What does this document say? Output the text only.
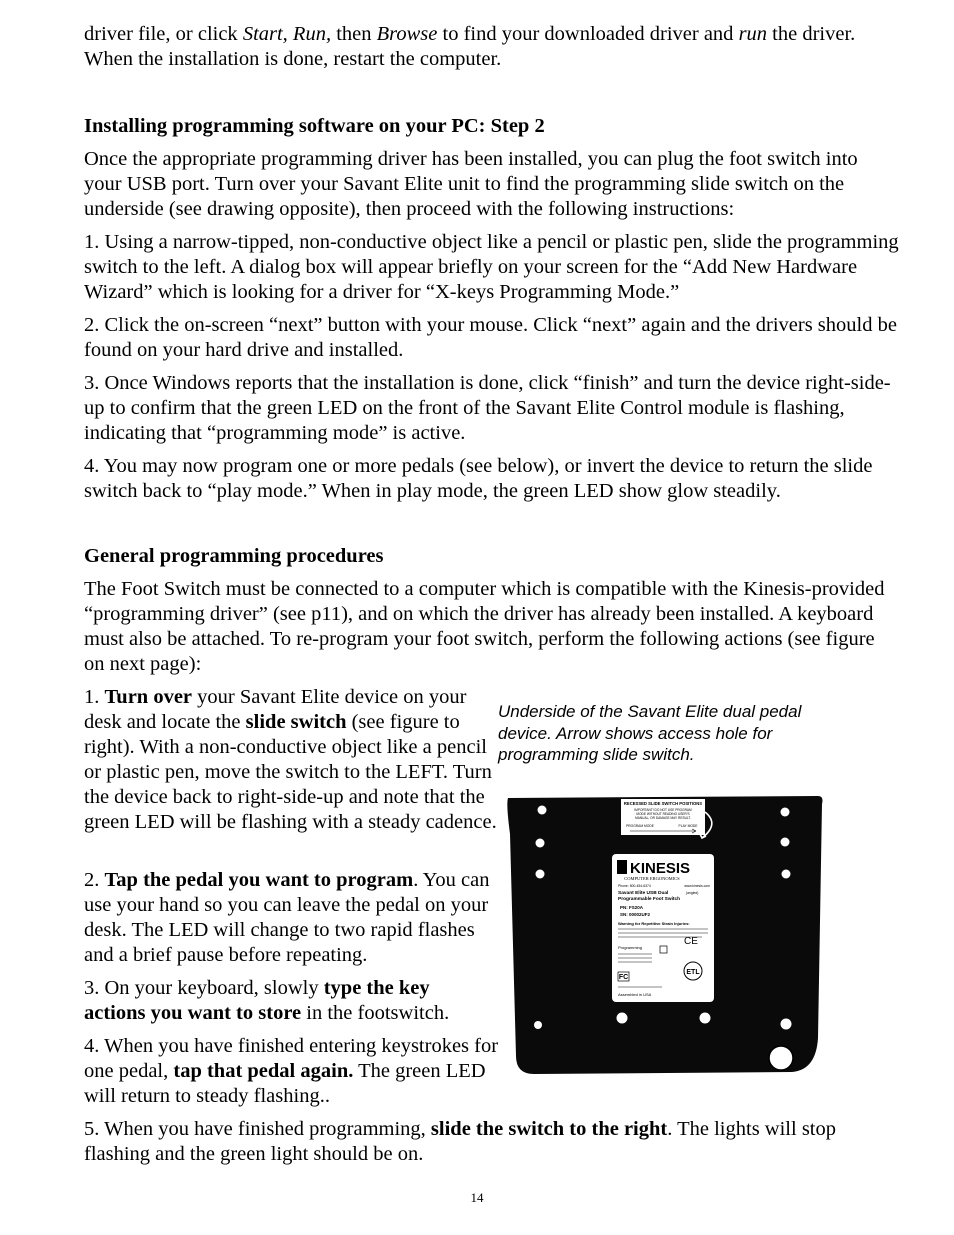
driver file, or click Start, Run, then Browse to find your downloaded driver and run the driver. When the installation is done, restart the computer.

Installing programming software on your PC: Step 2

Once the appropriate programming driver has been installed, you can plug the foot switch into your USB port. Turn over your Savant Elite unit to find the programming slide switch on the underside (see drawing opposite), then proceed with the following instructions:

1. Using a narrow-tipped, non-conductive object like a pencil or plastic pen, slide the programming switch to the left. A dialog box will appear briefly on your screen for the “Add New Hardware Wizard” which is looking for a driver for “X-keys Programming Mode.”

2. Click the on-screen “next” button with your mouse. Click “next” again and the drivers should be found on your hard drive and installed.

3. Once Windows reports that the installation is done, click “finish” and turn the device right-side-up to confirm that the green LED on the front of the Savant Elite Control module is flashing, indicating that “programming mode” is active.

4. You may now program one or more pedals (see below), or invert the device to return the slide switch back to “play mode.” When in play mode, the green LED show glow steadily.

General programming procedures

The Foot Switch must be connected to a computer which is compatible with the Kinesis-provided “programming driver” (see p11), and on which the driver has already been installed. A keyboard must also be attached. To re-program your foot switch, perform the following actions (see figure on next page):

1. Turn over your Savant Elite device on your desk and locate the slide switch (see figure to right). With a non-conductive object like a pencil or plastic pen, move the switch to the LEFT. Turn the device back to right-side-up and note that the green LED will be flashing with a steady cadence.

2. Tap the pedal you want to program. You can use your hand so you can leave the pedal on your desk. The LED will change to two rapid flashes and a brief pause before repeating.

3. On your keyboard, slowly type the key actions you want to store in the footswitch.

4. When you have finished entering keystrokes for one pedal, tap that pedal again. The green LED will return to steady flashing..

5. When you have finished programming, slide the switch to the right. The lights will stop flashing and the green light should be on.

Underside of the Savant Elite dual pedal device. Arrow shows access hole for programming slide switch.
RECESSED SLIDE SWITCH POSITIONS
IMPORTANT! DO NOT USE PROGRAM
MODE WITHOUT READING USER'S
MANUAL, OR DAMAGE MAY RESULT.
PROGRAM MODE	PLAY MODE
KINESIS
COMPUTER ERGONOMICS
Phone: 800-454-6374	www.kinesis.com
Savant Elite USB Dual	(angled)
Programmable Foot Switch
PN: FS20A
SN: 00002UF2
Warning for Repetitive Strain Injuries:
Programming
CE
ETL
FC
Assembled in USA
14
